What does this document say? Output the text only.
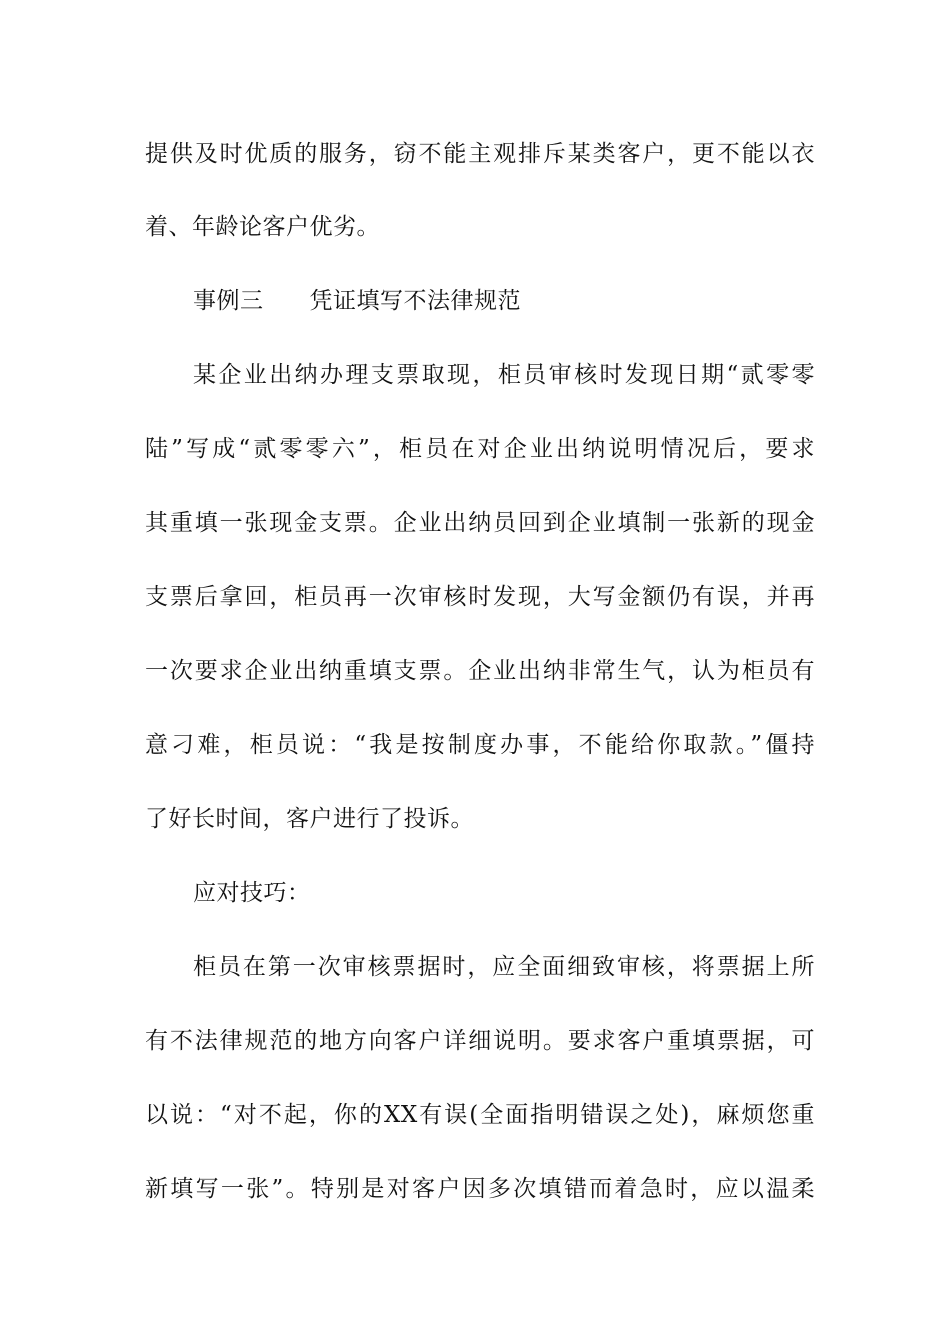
提供及时优质的服务，窃不能主观排斥某类客户，更不能以衣
着、年龄论客户优劣。
事例三 凭证填写不法律规范
某企业出纳办理支票取现，柜员审核时发现日期“贰零零
陆”写成“贰零零六”，柜员在对企业出纳说明情况后，要求
其重填一张现金支票。企业出纳员回到企业填制一张新的现金
支票后拿回，柜员再一次审核时发现，大写金额仍有误，并再
一次要求企业出纳重填支票。企业出纳非常生气，认为柜员有
意刁难，柜员说：“我是按制度办事，不能给你取款。”僵持
了好长时间，客户进行了投诉。
应对技巧：
柜员在第一次审核票据时，应全面细致审核，将票据上所
有不法律规范的地方向客户详细说明。要求客户重填票据，可
以说：“对不起，你的XX有误(全面指明错误之处)，麻烦您重
新填写一张”。特别是对客户因多次填错而着急时，应以温柔
